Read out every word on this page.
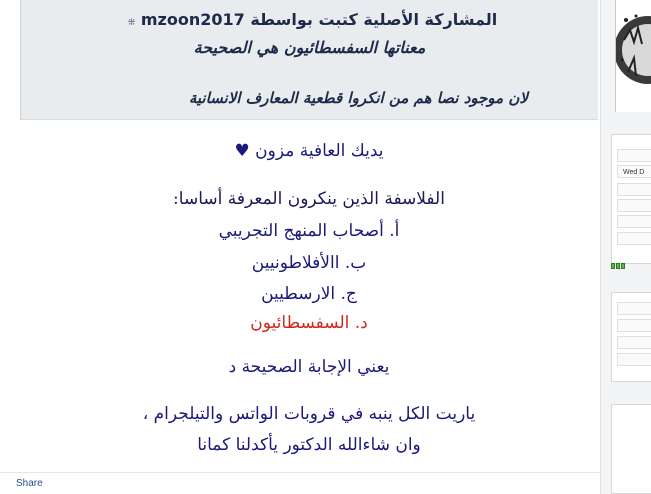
المشاركة الأصلية كتبت بواسطة mzoon2017 ⁜
معناتها السفسطائيون هي الصحيحة
لان موجود نصا هم من انكروا قطعية المعارف الانسانية
يديك العافية مزون ♥
الفلاسفة الذين ينكرون المعرفة أساسا:
أ. أصحاب المنهج التجريبي
ب. االأفلاطونيين
ج. الارسطيين
د. السفسطائيون
يعني الإجابة الصحيحة د
ياريت الكل ينبه في قروبات الواتس والتيلجرام ،
وان شاءالله الدكتور يأكدلنا كمانا
Share
Wed D
